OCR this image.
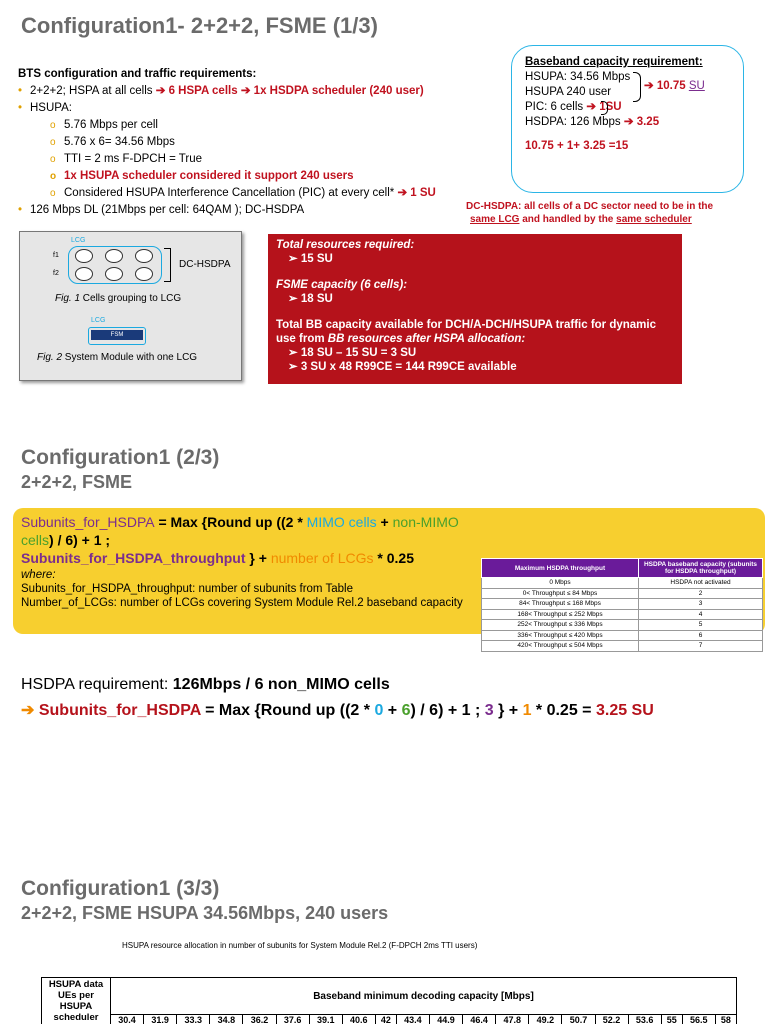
Configuration1- 2+2+2, FSME (1/3)
BTS configuration and traffic requirements:
• 2+2+2; HSPA at all cells ➔ 6 HSPA cells ➔ 1x HSDPA scheduler (240 user)
• HSUPA:
o 5.76 Mbps per cell
o 5.76 x 6= 34.56 Mbps
o TTI = 2 ms F-DPCH = True
o 1x HSUPA scheduler considered it support 240 users
o Considered HSUPA Interference Cancellation (PIC) at every cell* ➔ 1 SU
• 126 Mbps DL (21Mbps per cell: 64QAM ); DC-HSDPA
Baseband capacity requirement:
HSUPA: 34.56 Mbps
HSUPA 240 user
PIC: 6 cells ➔ 1SU
HSDPA: 126 Mbps ➔ 3.25
10.75 + 1+ 3.25 =15
➔ 10.75 SU
DC-HSDPA: all cells of a DC sector need to be in the
same LCG and handled by the same scheduler
LCG
f1
f2
DC-HSDPA
Fig. 1 Cells grouping to LCG
LCG
FSM
Fig. 2 System Module with one LCG
Total resources required:
➢ 15 SU
FSME capacity (6 cells):
➢ 18 SU
Total BB capacity available for DCH/A-DCH/HSUPA traffic for dynamic
use from BB resources after HSPA allocation:
➢ 18 SU – 15 SU = 3 SU
➢ 3 SU x 48 R99CE = 144 R99CE available
Configuration1 (2/3)
2+2+2, FSME
Subunits_for_HSDPA = Max {Round up ((2 * MIMO cells + non-MIMO cells) / 6) + 1 ;
Subunits_for_HSDPA_throughput } + number of LCGs * 0.25
where:
Subunits_for_HSDPA_throughput: number of subunits from Table
Number_of_LCGs: number of LCGs covering System Module Rel.2 baseband capacity
Maximum HSDPA throughput	HSDPA baseband capacity (subunits for HSDPA throughput)
0 Mbps	HSDPA not activated
0< Throughput ≤ 84 Mbps	2
84< Throughput ≤ 168 Mbps	3
168< Throughput ≤ 252 Mbps	4
252< Throughput ≤ 336 Mbps	5
336< Throughput ≤ 420 Mbps	6
420< Throughput ≤ 504 Mbps	7
HSDPA requirement: 126Mbps / 6 non_MIMO cells
➔ Subunits_for_HSDPA = Max {Round up ((2 * 0 + 6) / 6) + 1 ; 3 } + 1 * 0.25 = 3.25 SU
Configuration1 (3/3)
2+2+2, FSME HSUPA 34.56Mbps, 240 users
HSUPA resource allocation in number of subunits for System Module Rel.2 (F-DPCH 2ms TTI users)
HSUPA data UEs per HSUPA scheduler	Baseband minimum decoding capacity [Mbps]																			
	30.4	31.9	33.3	34.8	36.2	37.6	39.1	40.6	42	43.4	44.9	46.4	47.8	49.2	50.7	52.2	53.6	55	56.5	58
